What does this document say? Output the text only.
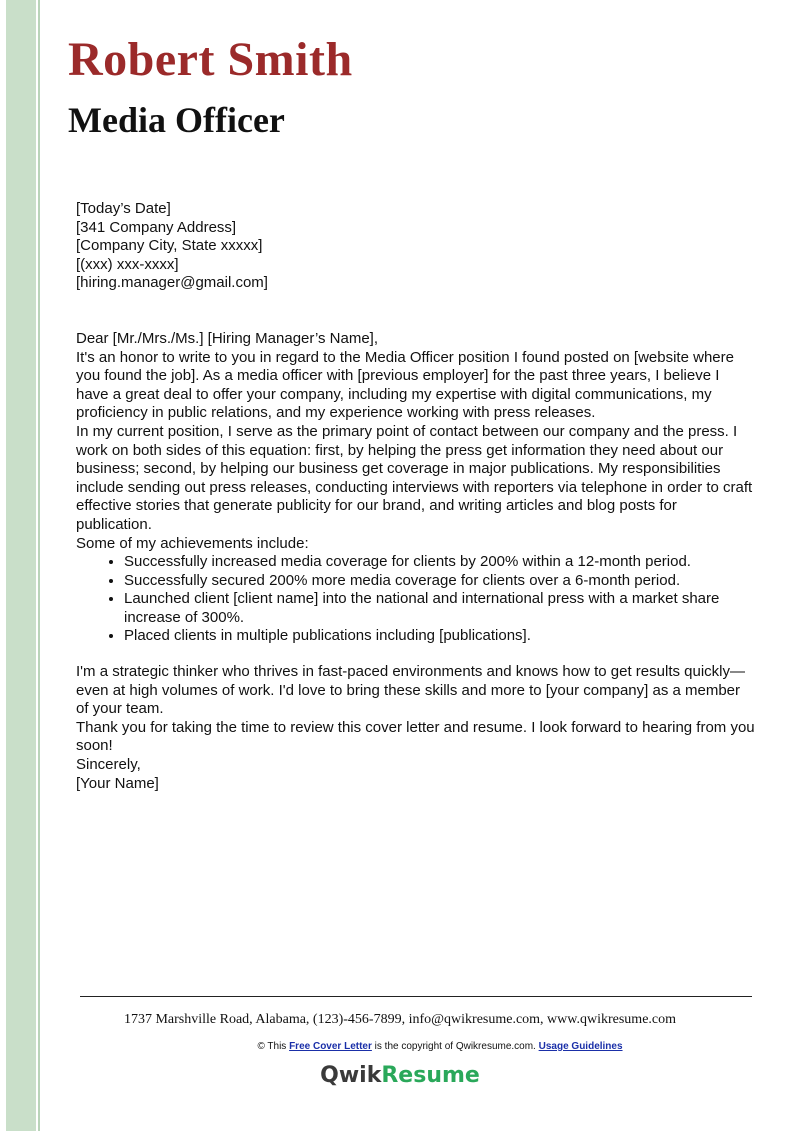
Robert Smith
Media Officer

[Today’s Date]

[341 Company Address]
[Company City, State xxxxx]
[(xxx) xxx-xxxx]
[hiring.manager@gmail.com]

Dear [Mr./Mrs./Ms.] [Hiring Manager’s Name],

It's an honor to write to you in regard to the Media Officer position I found posted on [website where you found the job]. As a media officer with [previous employer] for the past three years, I believe I have a great deal to offer your company, including my expertise with digital communications, my proficiency in public relations, and my experience working with press releases.

In my current position, I serve as the primary point of contact between our company and the press. I work on both sides of this equation: first, by helping the press get information they need about our business; second, by helping our business get coverage in major publications. My responsibilities include sending out press releases, conducting interviews with reporters via telephone in order to craft effective stories that generate publicity for our brand, and writing articles and blog posts for publication.

Some of my achievements include:

• Successfully increased media coverage for clients by 200% within a 12-month period.
• Successfully secured 200% more media coverage for clients over a 6-month period.
• Launched client [client name] into the national and international press with a market share increase of 300%.
• Placed clients in multiple publications including [publications].

I'm a strategic thinker who thrives in fast-paced environments and knows how to get results quickly—even at high volumes of work. I'd love to bring these skills and more to [your company] as a member of your team.

Thank you for taking the time to review this cover letter and resume. I look forward to hearing from you soon!

Sincerely,
[Your Name]
1737 Marshville Road, Alabama, (123)-456-7899, info@qwikresume.com, www.qwikresume.com
© This Free Cover Letter is the copyright of Qwikresume.com. Usage Guidelines
QwikResume
